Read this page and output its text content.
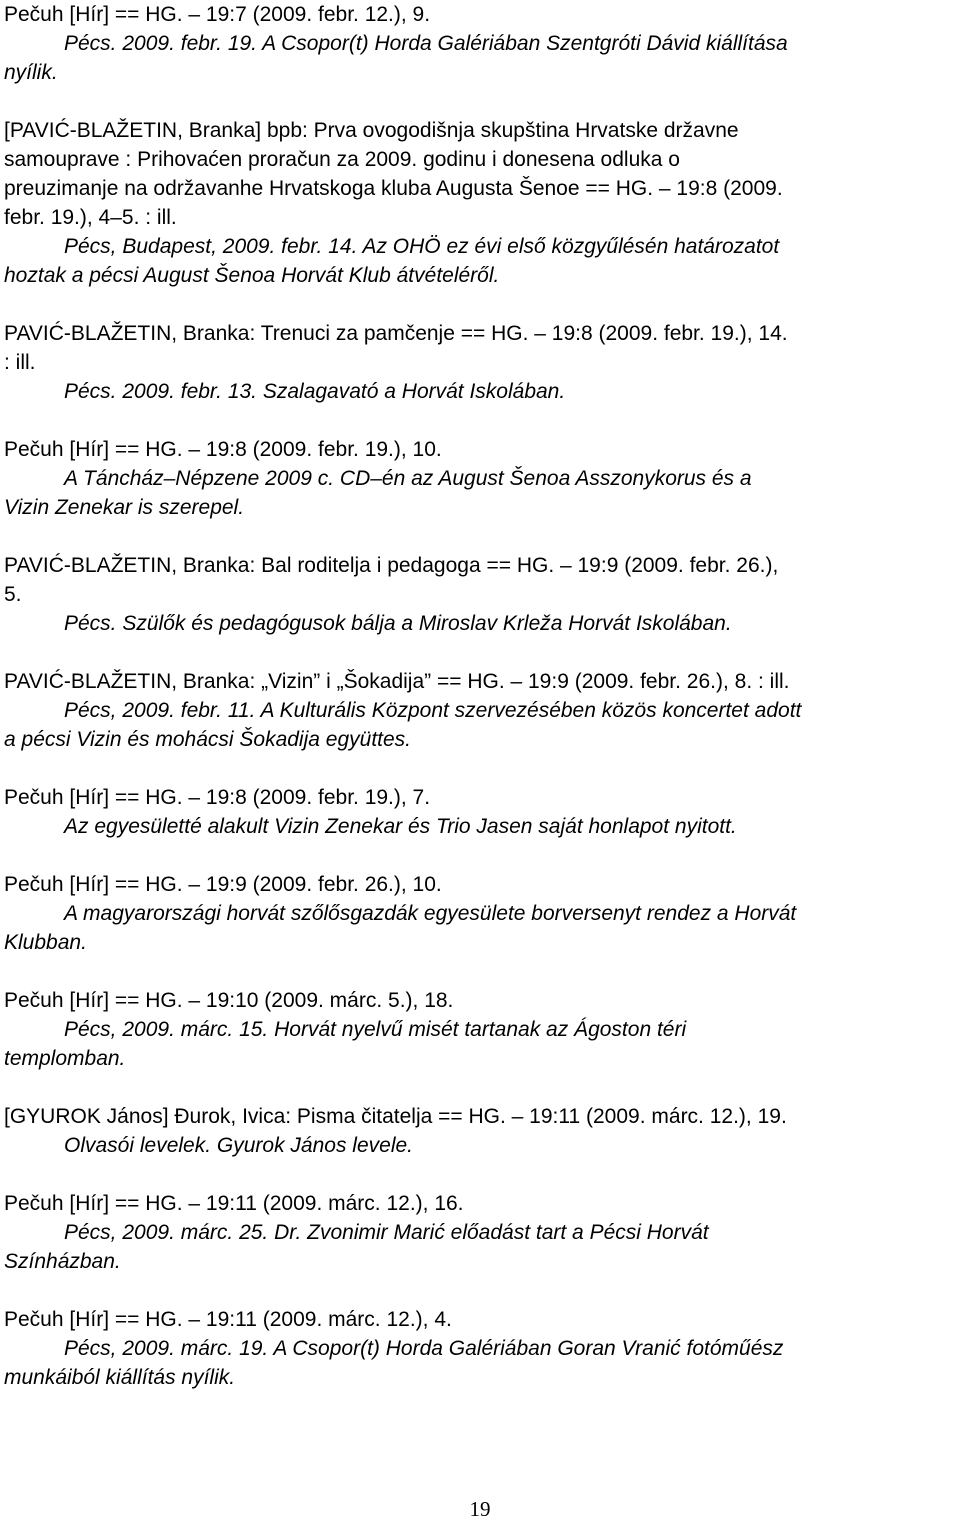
Pečuh [Hír] == HG. – 19:7 (2009. febr. 12.), 9.
Pécs. 2009. febr. 19. A Csopor(t) Horda Galériában Szentgróti Dávid kiállítása
nyílik.
[PAVIĆ-BLAŽETIN, Branka] bpb: Prva ovogodišnja skupština Hrvatske državne
samouprave : Prihovaćen proračun za 2009. godinu i donesena odluka o
preuzimanje na održavanhe Hrvatskoga kluba Augusta Šenoe == HG. – 19:8 (2009.
febr. 19.), 4–5. : ill.
Pécs, Budapest, 2009. febr. 14. Az OHÖ ez évi első közgyűlésén határozatot
hoztak a pécsi August Šenoa Horvát Klub átvételéről.
PAVIĆ-BLAŽETIN, Branka: Trenuci za pamčenje == HG. – 19:8 (2009. febr. 19.), 14.
: ill.
Pécs. 2009. febr. 13. Szalagavató a Horvát Iskolában.
Pečuh [Hír] == HG. – 19:8 (2009. febr. 19.), 10.
A Táncház–Népzene 2009 c. CD–én az August Šenoa Asszonykorus és a
Vizin Zenekar is szerepel.
PAVIĆ-BLAŽETIN, Branka: Bal roditelja i pedagoga == HG. – 19:9 (2009. febr. 26.),
5.
Pécs. Szülők és pedagógusok bálja a Miroslav Krleža Horvát Iskolában.
PAVIĆ-BLAŽETIN, Branka: „Vizin” i „Šokadija” == HG. – 19:9 (2009. febr. 26.), 8. : ill.
Pécs, 2009. febr. 11. A Kulturális Központ szervezésében közös koncertet adott
a pécsi Vizin és mohácsi Šokadija együttes.
Pečuh [Hír] == HG. – 19:8 (2009. febr. 19.), 7.
Az egyesületté alakult Vizin Zenekar és Trio Jasen saját honlapot nyitott.
Pečuh [Hír] == HG. – 19:9 (2009. febr. 26.), 10.
A magyarországi horvát szőlősgazdák egyesülete borversenyt rendez a Horvát
Klubban.
Pečuh [Hír] == HG. – 19:10 (2009. márc. 5.), 18.
Pécs, 2009. márc. 15. Horvát nyelvű misét tartanak az Ágoston téri
templomban.
[GYUROK János] Đurok, Ivica: Pisma čitatelja == HG. – 19:11 (2009. márc. 12.), 19.
Olvasói levelek. Gyurok János levele.
Pečuh [Hír] == HG. – 19:11 (2009. márc. 12.), 16.
Pécs, 2009. márc. 25. Dr. Zvonimir Marić előadást tart a Pécsi Horvát
Színházban.
Pečuh [Hír] == HG. – 19:11 (2009. márc. 12.), 4.
Pécs, 2009. márc. 19. A Csopor(t) Horda Galériában Goran Vranić fotóműész
munkáiból kiállítás nyílik.
19
